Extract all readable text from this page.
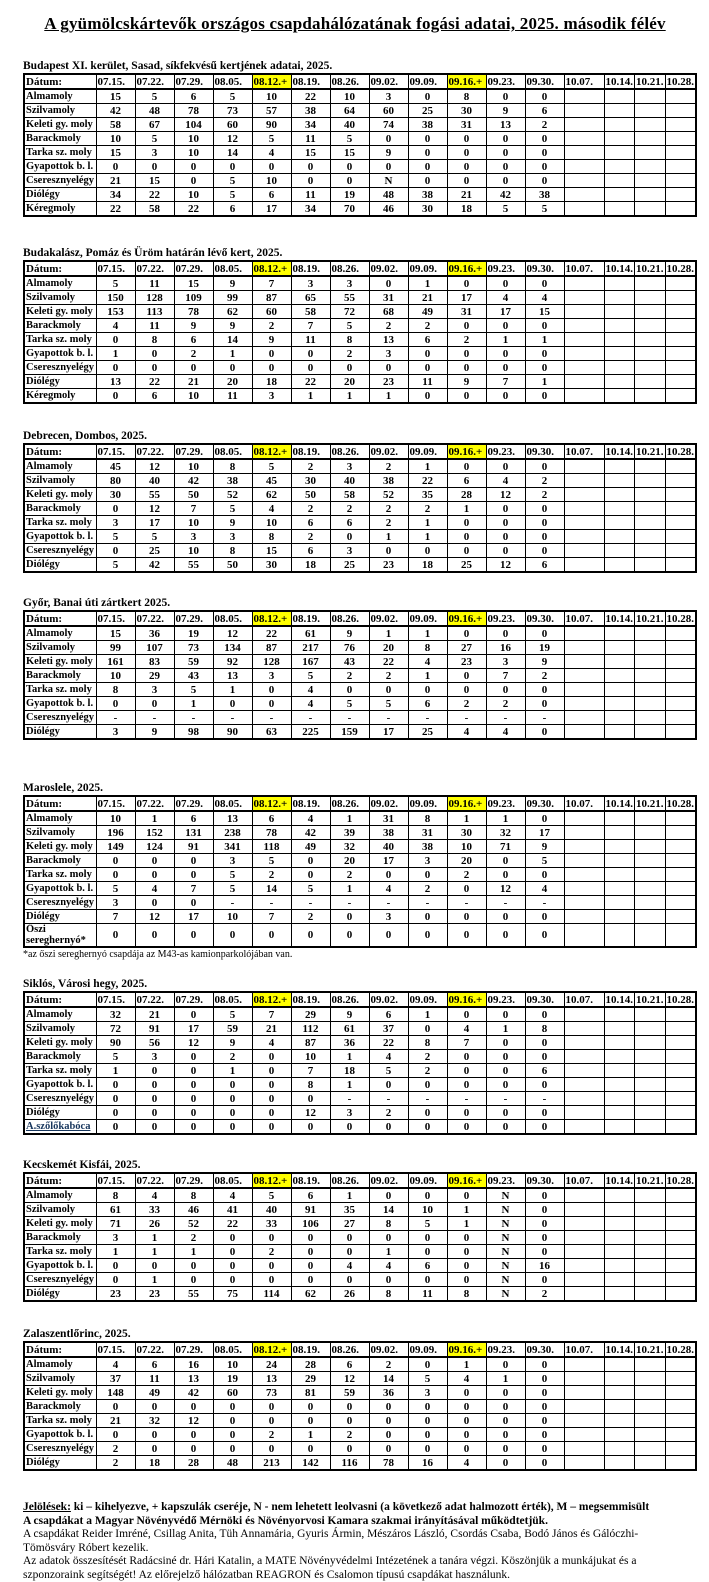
A gyümölcskártevők országos csapdahálózatának fogási adatai, 2025. második félév
Budapest XI. kerület, Sasad, síkfekvésű kertjének adatai, 2025.
Dátum:	07.15.	07.22.	07.29.	08.05.	08.12.+	08.19.	08.26.	09.02.	09.09.	09.16.+	09.23.	09.30.	10.07.	10.14.	10.21.	10.28.
Almamoly	15	5	6	5	10	22	10	3	0	8	0	0				
Szilvamoly	42	48	78	73	57	38	64	60	25	30	9	6				
Keleti gy. moly	58	67	104	60	90	34	40	74	38	31	13	2				
Barackmoly	10	5	10	12	5	11	5	0	0	0	0	0				
Tarka sz. moly	15	3	10	14	4	15	15	9	0	0	0	0				
Gyapottok b. l.	0	0	0	0	0	0	0	0	0	0	0	0				
Cseresznyelégy	21	15	0	5	10	0	0	N	0	0	0	0				
Diólégy	34	22	10	5	6	11	19	48	38	21	42	38				
Kéregmoly	22	58	22	6	17	34	70	46	30	18	5	5				
Budakalász, Pomáz és Üröm határán lévő kert, 2025.
Dátum:	07.15.	07.22.	07.29.	08.05.	08.12.+	08.19.	08.26.	09.02.	09.09.	09.16.+	09.23.	09.30.	10.07.	10.14.	10.21.	10.28.
Almamoly	5	11	15	9	7	3	3	0	1	0	0	0				
Szilvamoly	150	128	109	99	87	65	55	31	21	17	4	4				
Keleti gy. moly	153	113	78	62	60	58	72	68	49	31	17	15				
Barackmoly	4	11	9	9	2	7	5	2	2	0	0	0				
Tarka sz. moly	0	8	6	14	9	11	8	13	6	2	1	1				
Gyapottok b. l.	1	0	2	1	0	0	2	3	0	0	0	0				
Cseresznyelégy	0	0	0	0	0	0	0	0	0	0	0	0				
Diólégy	13	22	21	20	18	22	20	23	11	9	7	1				
Kéregmoly	0	6	10	11	3	1	1	1	0	0	0	0				
Debrecen, Dombos, 2025.
Dátum:	07.15.	07.22.	07.29.	08.05.	08.12.+	08.19.	08.26.	09.02.	09.09.	09.16.+	09.23.	09.30.	10.07.	10.14.	10.21.	10.28.
Almamoly	45	12	10	8	5	2	3	2	1	0	0	0				
Szilvamoly	80	40	42	38	45	30	40	38	22	6	4	2				
Keleti gy. moly	30	55	50	52	62	50	58	52	35	28	12	2				
Barackmoly	0	12	7	5	4	2	2	2	2	1	0	0				
Tarka sz. moly	3	17	10	9	10	6	6	2	1	0	0	0				
Gyapottok b. l.	5	5	3	3	8	2	0	1	1	0	0	0				
Cseresznyelégy	0	25	10	8	15	6	3	0	0	0	0	0				
Diólégy	5	42	55	50	30	18	25	23	18	25	12	6				
Győr, Banai úti zártkert 2025.
Dátum:	07.15.	07.22.	07.29.	08.05.	08.12.+	08.19.	08.26.	09.02.	09.09.	09.16.+	09.23.	09.30.	10.07.	10.14.	10.21.	10.28.
Almamoly	15	36	19	12	22	61	9	1	1	0	0	0				
Szilvamoly	99	107	73	134	87	217	76	20	8	27	16	19				
Keleti gy. moly	161	83	59	92	128	167	43	22	4	23	3	9				
Barackmoly	10	29	43	13	3	5	2	2	1	0	7	2				
Tarka sz. moly	8	3	5	1	0	4	0	0	0	0	0	0				
Gyapottok b. l.	0	0	1	0	0	4	5	5	6	2	2	0				
Cseresznyelégy	-	-	-	-	-	-	-	-	-	-	-	-				
Diólégy	3	9	98	90	63	225	159	17	25	4	4	0				
Maroslele, 2025.
Dátum:	07.15.	07.22.	07.29.	08.05.	08.12.+	08.19.	08.26.	09.02.	09.09.	09.16.+	09.23.	09.30.	10.07.	10.14.	10.21.	10.28.
Almamoly	10	1	6	13	6	4	1	31	8	1	1	0				
Szilvamoly	196	152	131	238	78	42	39	38	31	30	32	17				
Keleti gy. moly	149	124	91	341	118	49	32	40	38	10	71	9				
Barackmoly	0	0	0	3	5	0	20	17	3	20	0	5				
Tarka sz. moly	0	0	0	5	2	0	2	0	0	2	0	0				
Gyapottok b. l.	5	4	7	5	14	5	1	4	2	0	12	4				
Cseresznyelégy	3	0	0	-	-	-	-	-	-	-	-	-				
Diólégy	7	12	17	10	7	2	0	3	0	0	0	0				
Őszi sereghernyó*	0	0	0	0	0	0	0	0	0	0	0	0				
*az őszi sereghernyó csapdája az M43-as kamionparkolójában van.
Siklós, Városi hegy, 2025.
Dátum:	07.15.	07.22.	07.29.	08.05.	08.12.+	08.19.	08.26.	09.02.	09.09.	09.16.+	09.23.	09.30.	10.07.	10.14.	10.21.	10.28.
Almamoly	32	21	0	5	7	29	9	6	1	0	0	0				
Szilvamoly	72	91	17	59	21	112	61	37	0	4	1	8				
Keleti gy. moly	90	56	12	9	4	87	36	22	8	7	0	0				
Barackmoly	5	3	0	2	0	10	1	4	2	0	0	0				
Tarka sz. moly	1	0	0	1	0	7	18	5	2	0	0	6				
Gyapottok b. l.	0	0	0	0	0	8	1	0	0	0	0	0				
Cseresznyelégy	0	0	0	0	0	0	-	-	-	-	-	-				
Diólégy	0	0	0	0	0	12	3	2	0	0	0	0				
A.szőlőkabóca	0	0	0	0	0	0	0	0	0	0	0	0				
Kecskemét Kisfái, 2025.
Dátum:	07.15.	07.22.	07.29.	08.05.	08.12.+	08.19.	08.26.	09.02.	09.09.	09.16.+	09.23.	09.30.	10.07.	10.14.	10.21.	10.28.
Almamoly	8	4	8	4	5	6	1	0	0	0	N	0				
Szilvamoly	61	33	46	41	40	91	35	14	10	1	N	0				
Keleti gy. moly	71	26	52	22	33	106	27	8	5	1	N	0				
Barackmoly	3	1	2	0	0	0	0	0	0	0	N	0				
Tarka sz. moly	1	1	1	0	2	0	0	1	0	0	N	0				
Gyapottok b. l.	0	0	0	0	0	0	4	4	6	0	N	16				
Cseresznyelégy	0	1	0	0	0	0	0	0	0	0	N	0				
Diólégy	23	23	55	75	114	62	26	8	11	8	N	2				
Zalaszentlőrinc, 2025.
Dátum:	07.15.	07.22.	07.29.	08.05.	08.12.+	08.19.	08.26.	09.02.	09.09.	09.16.+	09.23.	09.30.	10.07.	10.14.	10.21.	10.28.
Almamoly	4	6	16	10	24	28	6	2	0	1	0	0				
Szilvamoly	37	11	13	19	13	29	12	14	5	4	1	0				
Keleti gy. moly	148	49	42	60	73	81	59	36	3	0	0	0				
Barackmoly	0	0	0	0	0	0	0	0	0	0	0	0				
Tarka sz. moly	21	32	12	0	0	0	0	0	0	0	0	0				
Gyapottok b. l.	0	0	0	0	2	1	2	0	0	0	0	0				
Cseresznyelégy	2	0	0	0	0	0	0	0	0	0	0	0				
Diólégy	2	18	28	48	213	142	116	78	16	4	0	0				

Jelölések: ki – kihelyezve, + kapszulák cseréje, N - nem lehetett leolvasni (a következő adat halmozott érték), M – megsemmisült

A csapdákat a Magyar Növényvédő Mérnöki és Növényorvosi Kamara szakmai irányításával működtetjük.

A csapdákat Reider Imréné, Csillag Anita, Tüh Annamária, Gyuris Ármin, Mészáros László, Csordás Csaba, Bodó János és Gálóczhi-Tömösváry Róbert kezelik.

Az adatok összesítését Radácsiné dr. Hári Katalin, a MATE Növényvédelmi Intézetének a tanára végzi. Köszönjük a munkájukat és a szponzoraink segítségét! Az előrejelző hálózatban REAGRON és Csalomon típusú csapdákat használunk.
